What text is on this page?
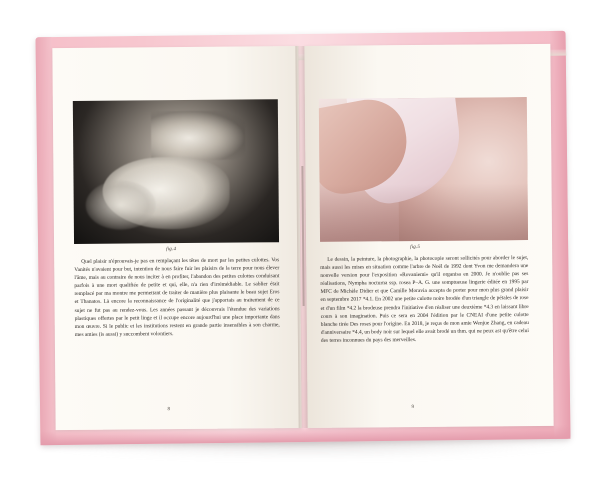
fig.4

Quel plaisir n'éprouvais-je pas en remplaçant les têtes de mort par les petites culottes. Vos Vanités n'avaient pour but, intention de nous faire fuir les plaisirs de la terre pour nous élever l'âme, mais au contraire de nous inciter à en profiter, l'abandon des petites culottes conduisant parfois à une mort qualifiée de petite et qui, elle, n'a rien d'irrémédiable. Le sablier était remplacé par ma montre me permettant de traiter de manière plus plaisante le beau sujet Eros et Thanatos. Là encore la reconnaissance de l'originalité que j'apportais au traitement de ce sujet ne fut pas au rendez-vous. Les années passant je découvrais l'étendue des variations plastiques offertes par le petit linge et il occupe encore aujourd'hui une place importante dans mon œuvre. Si le public et les institutions restent en grande partie insensibles à son charme, mes amies (is aussi) y succombent volontiers.

8
fig.5

Le dessin, la peinture, la photographie, la photocopie seront sollicités pour aborder le sujet, mais aussi les mises en situation comme l'arbre de Noël de 1992 dont Yvon me demandera une nouvelle version pour l'exposition «Rovaniemi» qu'il organisa en 2000. Je n'oublie pas ses réalisations, Nympha nocturna ssp. rosea P–A. G. une somptueuse lingerie éditée en 1995 par MFC de Michèle Didier et que Camille Moravia accepta de porter pour mon plus grand plaisir en septembre 2017 *4.1. En 2002 une petite culotte noire brodée d'un triangle de pétales de rose et d'un film *4.2 la brodeuse prendra l'initiative d'en réaliser une deuxième *4.3 en laissant libre cours à son imagination. Puis ce sera en 2004 l'édition par le CNEAI d'une petite culotte blanche tirée Des roses pour l'origine. En 2018, je reçus de mon amie Wenjue Zhang, en cadeau d'anniversaire *4.4, un body noir sur lequel elle avait brodé un thm. qui ne peux ast qu'être celui des terres inconnues du pays des merveilles.

9
